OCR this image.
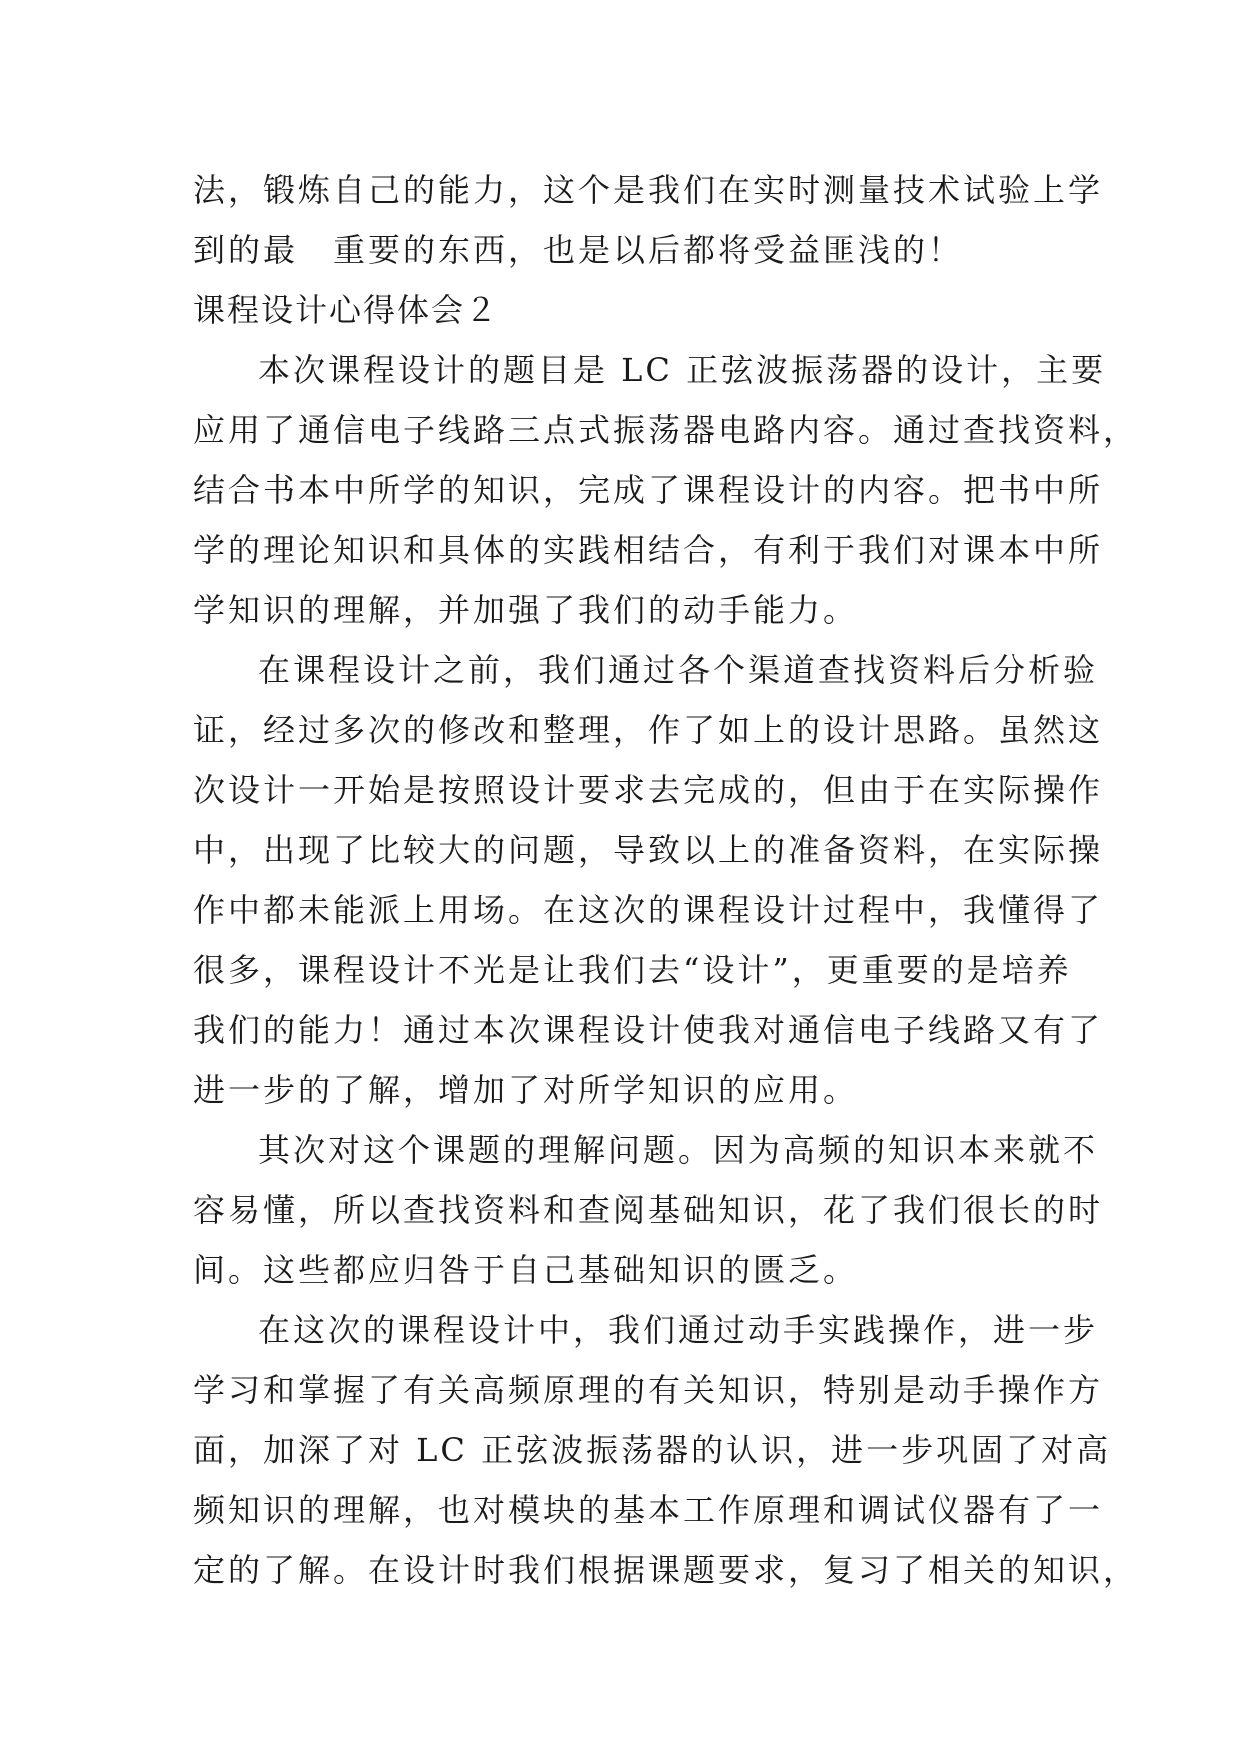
法，锻炼自己的能力，这个是我们在实时测量技术试验上学
到的最　重要的东西，也是以后都将受益匪浅的！
课程设计心得体会２
本次课程设计的题目是 LC 正弦波振荡器的设计，主要
应用了通信电子线路三点式振荡器电路内容。通过查找资料，
结合书本中所学的知识，完成了课程设计的内容。把书中所
学的理论知识和具体的实践相结合，有利于我们对课本中所
学知识的理解，并加强了我们的动手能力。
在课程设计之前，我们通过各个渠道查找资料后分析验
证，经过多次的修改和整理，作了如上的设计思路。虽然这
次设计一开始是按照设计要求去完成的，但由于在实际操作
中，出现了比较大的问题，导致以上的准备资料，在实际操
作中都未能派上用场。在这次的课程设计过程中，我懂得了
很多，课程设计不光是让我们去“设计”，更重要的是培养
我们的能力！通过本次课程设计使我对通信电子线路又有了
进一步的了解，增加了对所学知识的应用。
其次对这个课题的理解问题。因为高频的知识本来就不
容易懂，所以查找资料和查阅基础知识，花了我们很长的时
间。这些都应归咎于自己基础知识的匮乏。
在这次的课程设计中，我们通过动手实践操作，进一步
学习和掌握了有关高频原理的有关知识，特别是动手操作方
面，加深了对 LC 正弦波振荡器的认识，进一步巩固了对高
频知识的理解，也对模块的基本工作原理和调试仪器有了一
定的了解。在设计时我们根据课题要求，复习了相关的知识，
